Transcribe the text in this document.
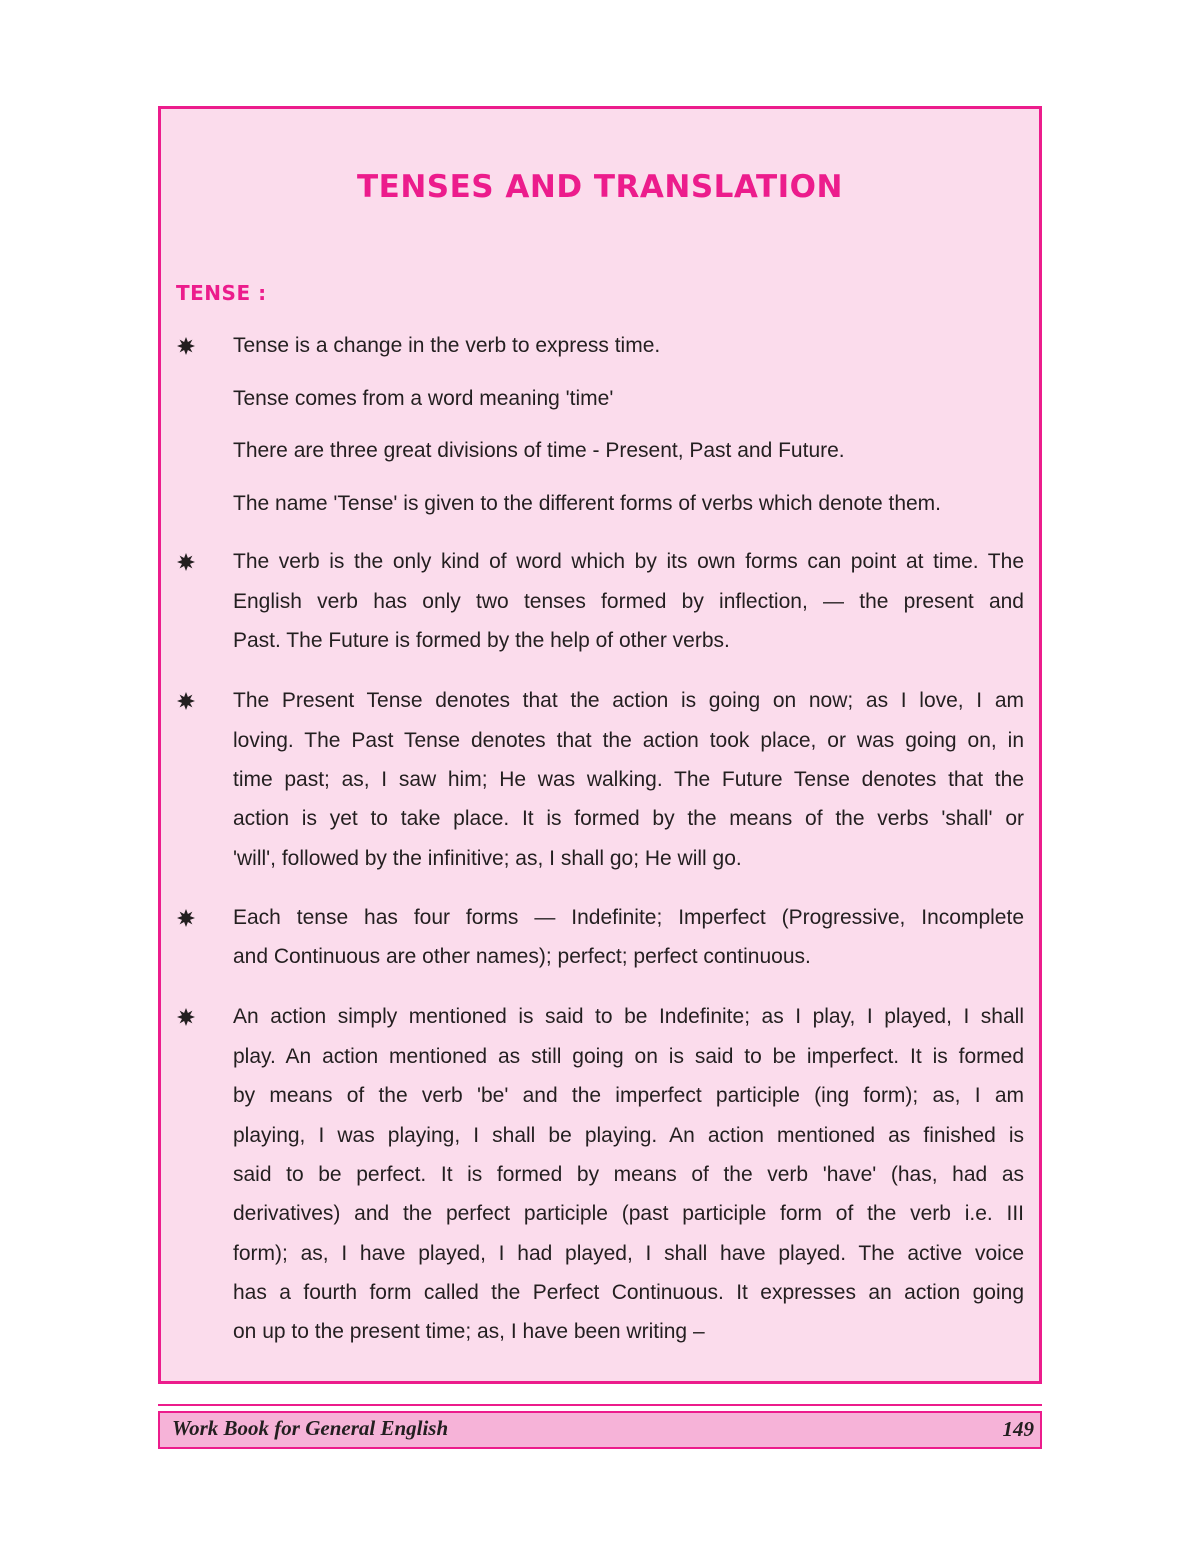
TENSES AND TRANSLATION
TENSE :
Tense is a change in the verb to express time.
Tense comes from a word meaning 'time'
There are three great divisions of time - Present, Past and Future.
The name 'Tense' is given to the different forms of verbs which denote them.
The verb is the only kind of word which by its own forms can point at time. The
English verb has only two tenses formed by inflection, — the present and
Past. The Future is formed by the help of other verbs.
The Present Tense denotes that the action is going on now; as I love, I am
loving. The Past Tense denotes that the action took place, or was going on, in
time past; as, I saw him; He was walking. The Future Tense denotes that the
action is yet to take place. It is formed by the means of the verbs 'shall' or
'will', followed by the infinitive; as, I shall go; He will go.
Each tense has four forms — Indefinite; Imperfect (Progressive, Incomplete
and Continuous are other names); perfect; perfect continuous.
An action simply mentioned is said to be Indefinite; as I play, I played, I shall
play. An action mentioned as still going on is said to be imperfect. It is formed
by means of the verb 'be' and the imperfect participle (ing form); as, I am
playing, I was playing, I shall be playing. An action mentioned as finished is
said to be perfect. It is formed by means of the verb 'have' (has, had as
derivatives) and the perfect participle (past participle form of the verb i.e. III
form); as, I have played, I had played, I shall have played. The active voice
has a fourth form called the Perfect Continuous. It expresses an action going
on up to the present time; as, I have been writing –
Work Book for General English	149
